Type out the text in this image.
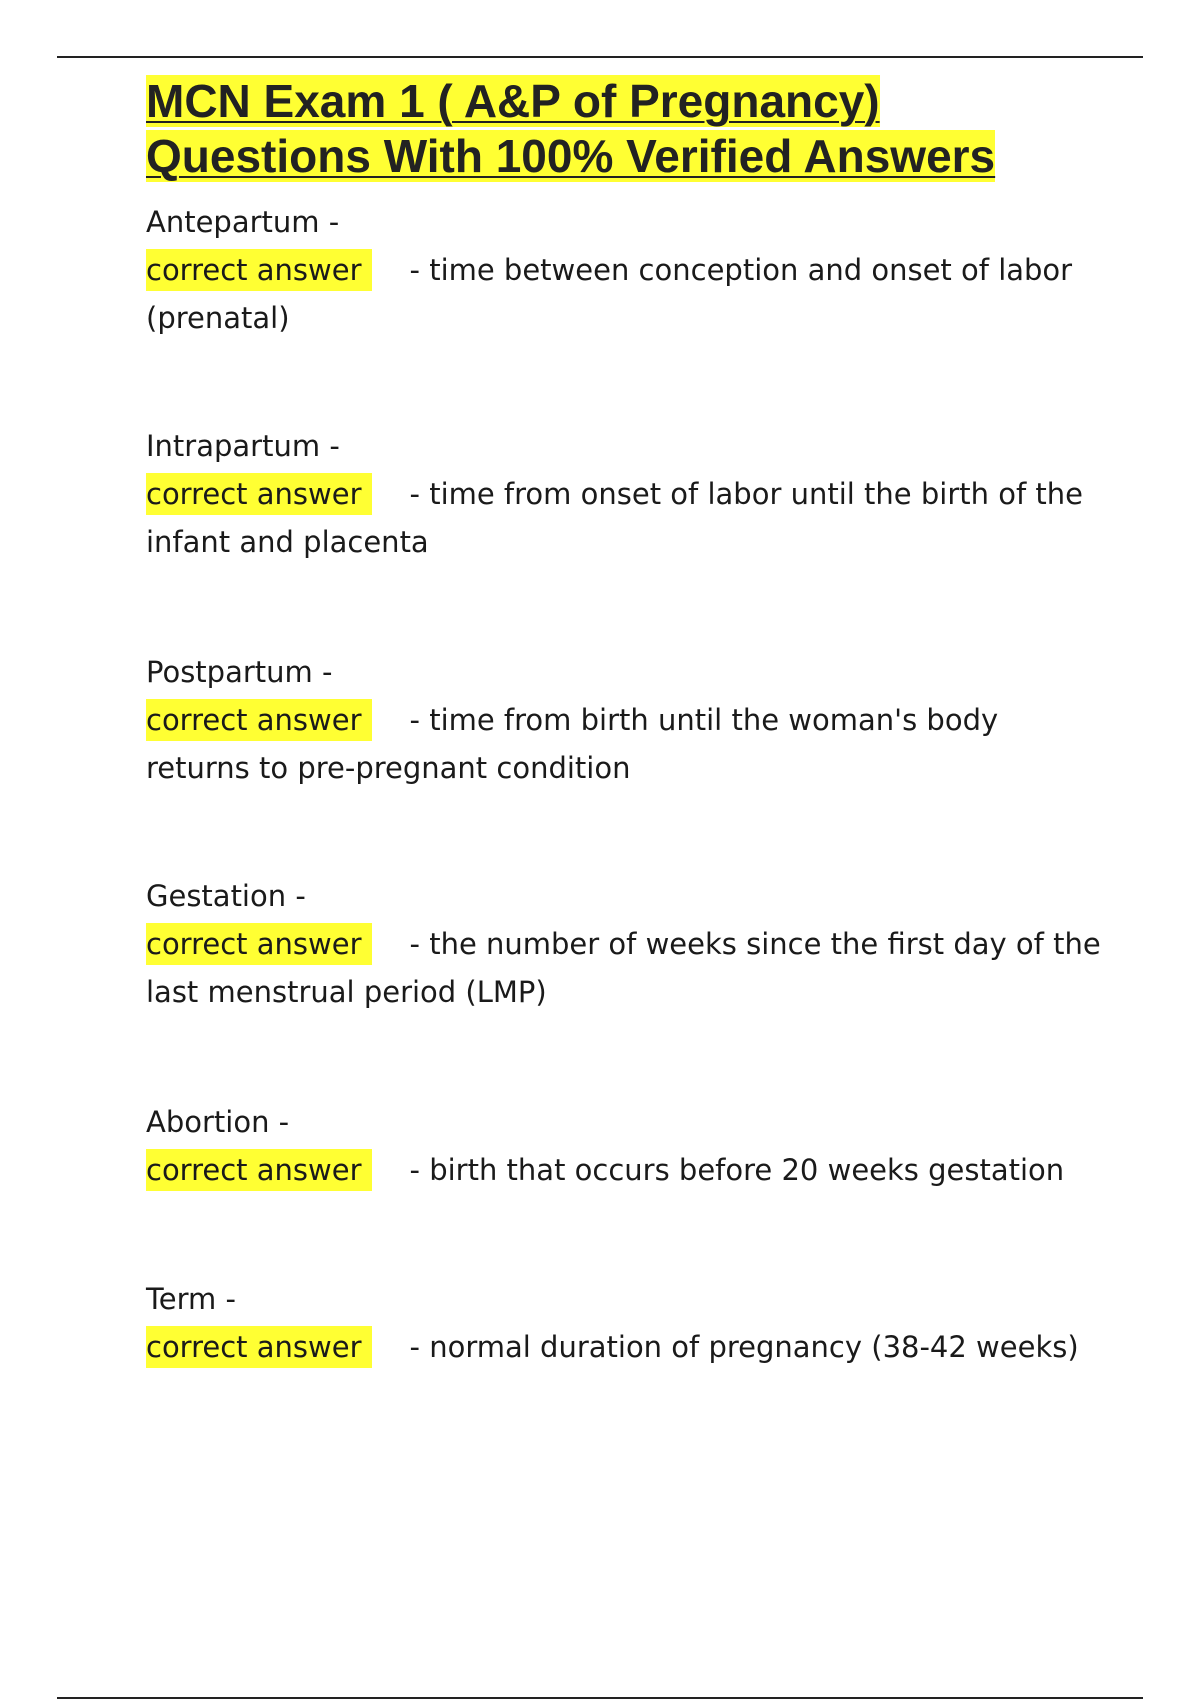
MCN Exam 1 ( A&P of Pregnancy)
Questions With 100% Verified Answers
Antepartum -
correct answer - time between conception and onset of labor (prenatal)
Intrapartum -
correct answer - time from onset of labor until the birth of the infant and placenta
Postpartum -
correct answer - time from birth until the woman's body returns to pre-pregnant condition
Gestation -
correct answer - the number of weeks since the first day of the last menstrual period (LMP)
Abortion -
correct answer - birth that occurs before 20 weeks gestation
Term -
correct answer - normal duration of pregnancy (38-42 weeks)
